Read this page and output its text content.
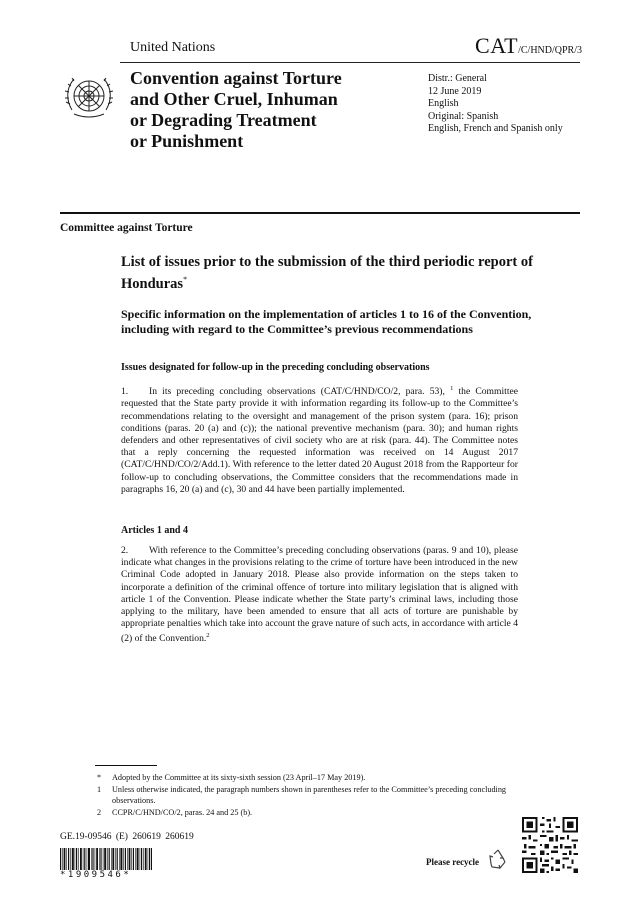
United Nations	CAT/C/HND/QPR/3
Convention against Torture
and Other Cruel, Inhuman
or Degrading Treatment
or Punishment
Distr.: General
12 June 2019
English
Original: Spanish
English, French and Spanish only
Committee against Torture
List of issues prior to the submission of the third periodic report of Honduras*
Specific information on the implementation of articles 1 to 16 of the Convention, including with regard to the Committee’s previous recommendations
Issues designated for follow-up in the preceding concluding observations
1. In its preceding concluding observations (CAT/C/HND/CO/2, para. 53), $^1$ the Committee requested that the State party provide it with information regarding its follow-up to the Committee’s recommendations relating to the oversight and management of the prison system (para. 16); prison conditions (paras. 20 (a) and (c)); the national preventive mechanism (para. 30); and human rights defenders and other representatives of civil society who are at risk (para. 44). The Committee notes that a reply concerning the requested information was received on 14 August 2017 (CAT/C/HND/CO/2/Add.1). With reference to the letter dated 20 August 2018 from the Rapporteur for follow-up to concluding observations, the Committee considers that the recommendations made in paragraphs 16, 20 (a) and (c), 30 and 44 have been partially implemented.
Articles 1 and 4
2. With reference to the Committee’s preceding concluding observations (paras. 9 and 10), please indicate what changes in the provisions relating to the crime of torture have been introduced in the new Criminal Code adopted in January 2018. Please also provide information on the steps taken to incorporate a definition of the criminal offence of torture into military legislation that is aligned with article 1 of the Convention. Please indicate whether the State party’s criminal laws, including those applying to the military, have been amended to ensure that all acts of torture are punishable by appropriate penalties which take into account the grave nature of such acts, in accordance with article 4 (2) of the Convention.$^2$
*	Adopted by the Committee at its sixty-sixth session (23 April–17 May 2019).
1	Unless otherwise indicated, the paragraph numbers shown in parentheses refer to the Committee’s preceding concluding observations.
2	CCPR/C/HND/CO/2, paras. 24 and 25 (b).
GE.19-09546 (E) 260619 260619
*1909546*
Please recycle
